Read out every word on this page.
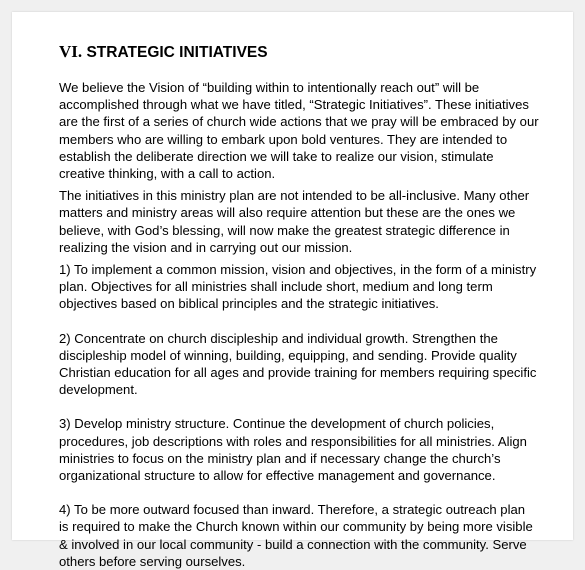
VI. STRATEGIC INITIATIVES

We believe the Vision of “building within to intentionally reach out” will be
accomplished through what we have titled, “Strategic Initiatives”. These initiatives
are the first of a series of church wide actions that we pray will be embraced by our
members who are willing to embark upon bold ventures. They are intended to
establish the deliberate direction we will take to realize our vision, stimulate
creative thinking, with a call to action.

The initiatives in this ministry plan are not intended to be all-inclusive. Many other
matters and ministry areas will also require attention but these are the ones we
believe, with God’s blessing, will now make the greatest strategic difference in
realizing the vision and in carrying out our mission.

1) To implement a common mission, vision and objectives, in the form of a ministry
plan. Objectives for all ministries shall include short, medium and long term
objectives based on biblical principles and the strategic initiatives.

2) Concentrate on church discipleship and individual growth. Strengthen the
discipleship model of winning, building, equipping, and sending. Provide quality
Christian education for all ages and provide training for members requiring specific
development.

3) Develop ministry structure. Continue the development of church policies,
procedures, job descriptions with roles and responsibilities for all ministries. Align
ministries to focus on the ministry plan and if necessary change the church’s
organizational structure to allow for effective management and governance.

4) To be more outward focused than inward. Therefore, a strategic outreach plan
is required to make the Church known within our community by being more visible
& involved in our local community - build a connection with the community. Serve
others before serving ourselves.
